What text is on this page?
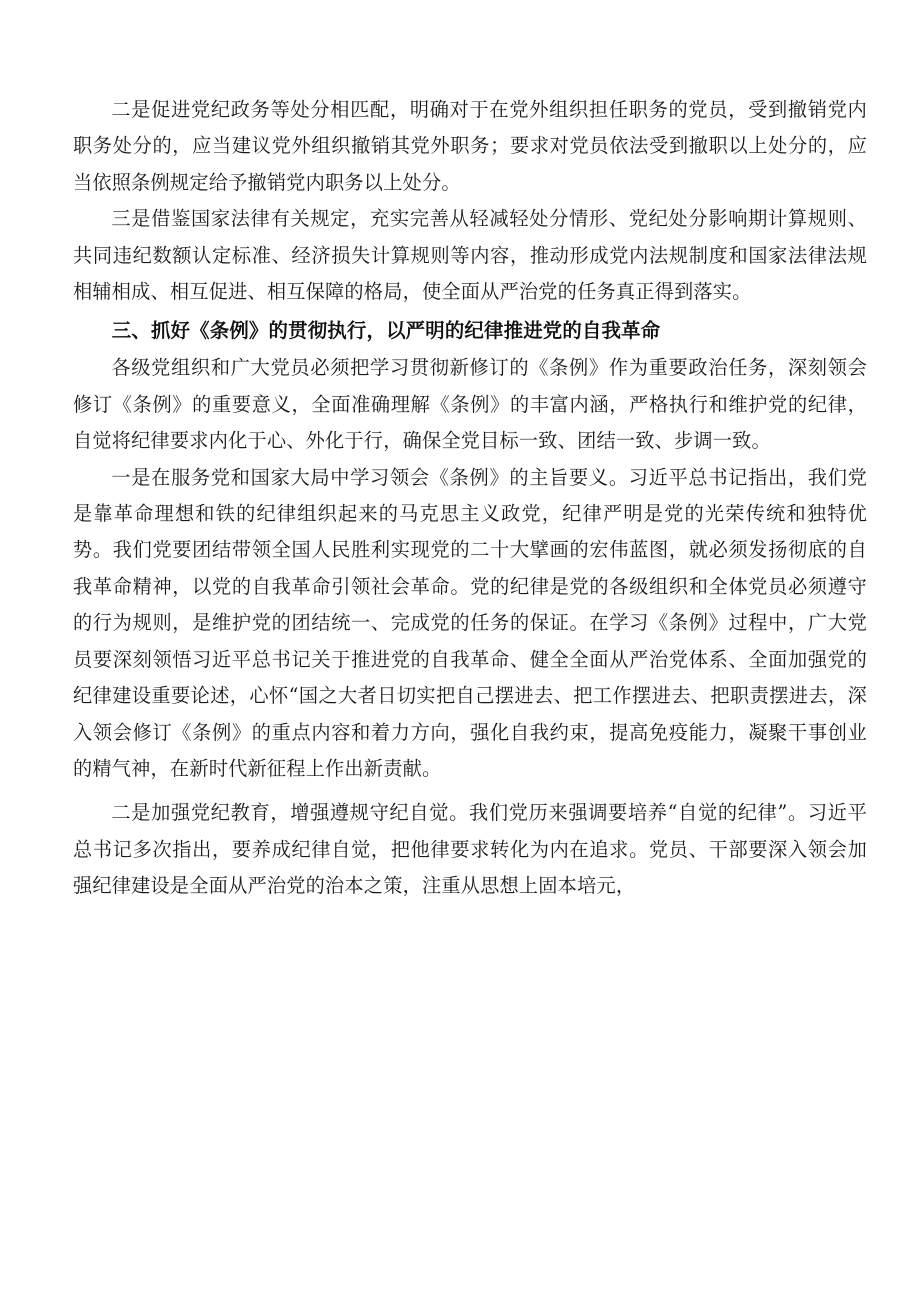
二是促进党纪政务等处分相匹配，明确对于在党外组织担任职务的党员，受到撤销党内职务处分的，应当建议党外组织撤销其党外职务；要求对党员依法受到撤职以上处分的，应当依照条例规定给予撤销党内职务以上处分。

三是借鉴国家法律有关规定，充实完善从轻减轻处分情形、党纪处分影响期计算规则、共同违纪数额认定标准、经济损失计算规则等内容，推动形成党内法规制度和国家法律法规相辅相成、相互促进、相互保障的格局，使全面从严治党的任务真正得到落实。

三、抓好《条例》的贯彻执行，以严明的纪律推进党的自我革命

各级党组织和广大党员必须把学习贯彻新修订的《条例》作为重要政治任务，深刻领会修订《条例》的重要意义，全面准确理解《条例》的丰富内涵，严格执行和维护党的纪律，自觉将纪律要求内化于心、外化于行，确保全党目标一致、团结一致、步调一致。

一是在服务党和国家大局中学习领会《条例》的主旨要义。习近平总书记指出，我们党是靠革命理想和铁的纪律组织起来的马克思主义政党，纪律严明是党的光荣传统和独特优势。我们党要团结带领全国人民胜利实现党的二十大擘画的宏伟蓝图，就必须发扬彻底的自我革命精神，以党的自我革命引领社会革命。党的纪律是党的各级组织和全体党员必须遵守的行为规则，是维护党的团结统一、完成党的任务的保证。在学习《条例》过程中，广大党员要深刻领悟习近平总书记关于推进党的自我革命、健全全面从严治党体系、全面加强党的纪律建设重要论述，心怀“国之大者日切实把自己摆进去、把工作摆进去、把职责摆进去，深入领会修订《条例》的重点内容和着力方向，强化自我约束，提高免疫能力，凝聚干事创业的精气神，在新时代新征程上作出新责献。

二是加强党纪教育，增强遵规守纪自觉。我们党历来强调要培养“自觉的纪律”。习近平总书记多次指出，要养成纪律自觉，把他律要求转化为内在追求。党员、干部要深入领会加强纪律建设是全面从严治党的治本之策，注重从思想上固本培元，
